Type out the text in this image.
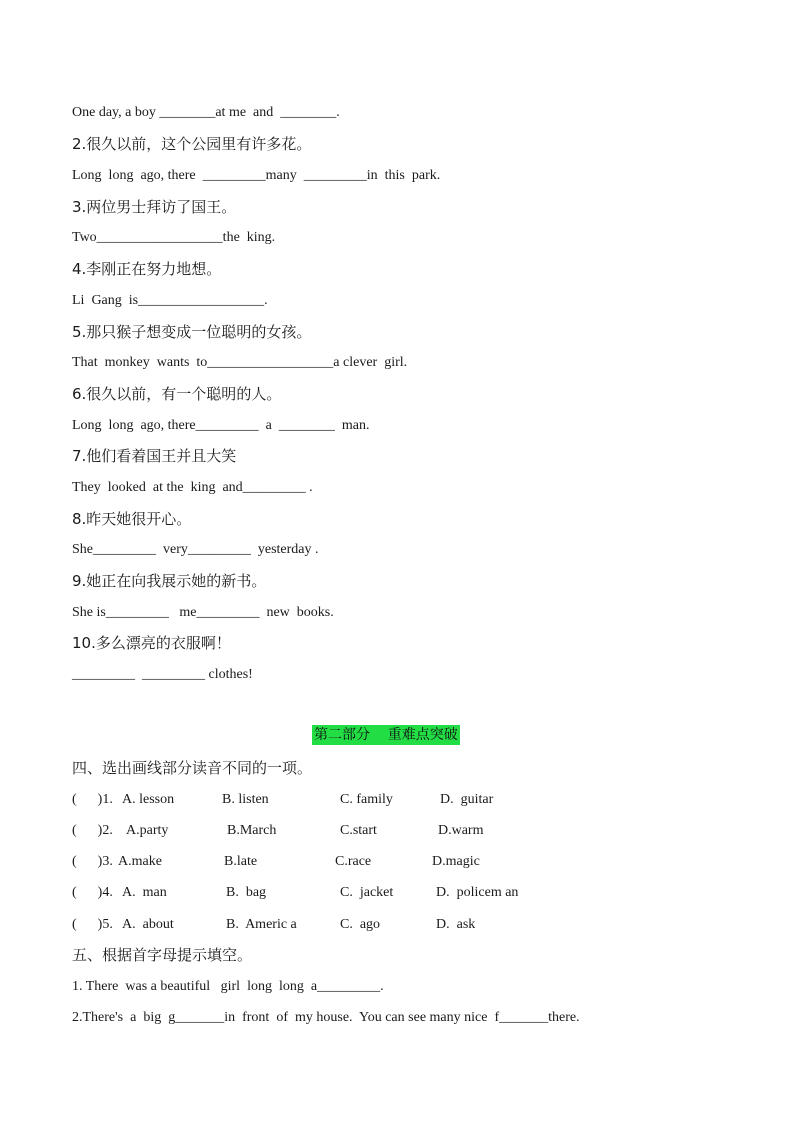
One day, a boy ________at me  and  ________.
2.很久以前，这个公园里有许多花。
Long  long  ago, there  _________many  _________in  this  park.
3.两位男士拜访了国王。
Two__________________the  king.
4.李刚正在努力地想。
Li  Gang  is__________________.
5.那只猴子想变成一位聪明的女孩。
That  monkey  wants  to__________________a clever  girl.
6.很久以前，有一个聪明的人。
Long  long  ago, there_________  a  ________  man.
7.他们看着国王并且大笑
They  looked  at the  king  and_________ .
8.昨天她很开心。
She_________  very_________  yesterday .
9.她正在向我展示她的新书。
She is_________   me_________  new  books.
10.多么漂亮的衣服啊！
_________  _________ clothes!
第二部分    重难点突破
四、选出画线部分读音不同的一项。
(      )1. A. lesson	B. listen	C. family	D.  guitar
(      )2. A.party	B.March	C.start	D.warm
(      )3. A.make	B.late	C.race	D.magic
(      )4. A.  man	B.  bag	C.  jacket	D.  policem an
(      )5. A.  about	B.  Americ a	C.  ago	D.  ask
五、根据首字母提示填空。
1. There  was a beautiful   girl  long  long  a_________.
2.There's  a  big  g_______in  front  of  my house.  You can see many nice  f_______there.
